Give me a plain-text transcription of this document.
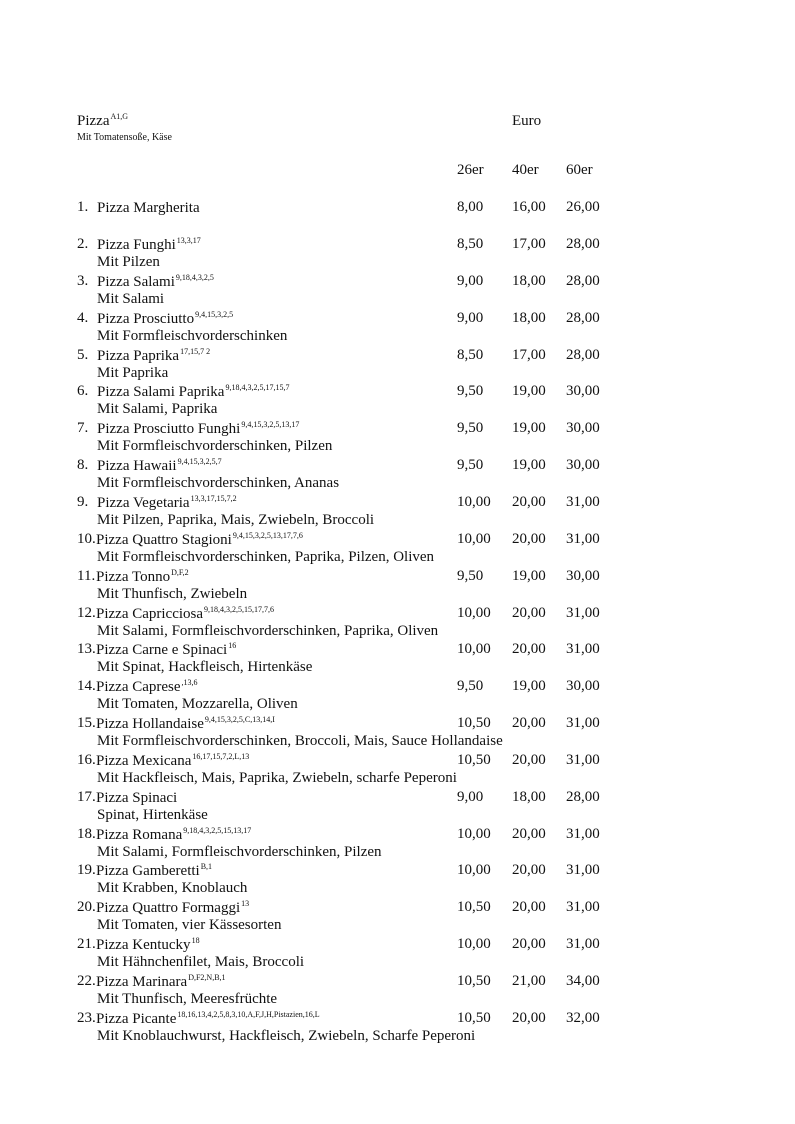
Pizza$^{A1,G}$
Mit Tomatensoße, Käse
Euro
26er 40er 60er
1. Pizza Margherita	8,00 16,00 26,00
2. Pizza Funghi$^{13,3,17}$
Mit Pilzen
8,50 17,00 28,00
3. Pizza Salami$^{9,18,4,3,2,5}$
Mit Salami
9,00 18,00 28,00
4. Pizza Prosciutto$^{9,4,15,3,2,5}$
Mit Formfleischvorderschinken
9,00 18,00 28,00
5. Pizza Paprika$^{17,15,7 2}$
Mit Paprika
8,50 17,00 28,00
6. Pizza Salami Paprika$^{9,18,4,3,2,5,17,15,7}$
Mit Salami, Paprika
9,50 19,00 30,00
7. Pizza Prosciutto Funghi$^{9,4,15,3,2,5,13,17}$
Mit Formfleischvorderschinken, Pilzen
9,50 19,00 30,00
8. Pizza Hawaii$^{9,4,15,3,2,5,7}$
Mit Formfleischvorderschinken, Ananas
9,50 19,00 30,00
9. Pizza Vegetaria$^{13,3,17,15,7,2}$
Mit Pilzen, Paprika, Mais, Zwiebeln, Broccoli
10,00 20,00 31,00
10. Pizza Quattro Stagioni$^{9,4,15,3,2,5,13,17,7,6}$
Mit Formfleischvorderschinken, Paprika, Pilzen, Oliven
10,00 20,00 31,00
11. Pizza Tonno$^{D,F,2}$
Mit Thunfisch, Zwiebeln
9,50 19,00 30,00
12. Pizza Capricciosa$^{9,18,4,3,2,5,15,17,7,6}$
Mit Salami, Formfleischvorderschinken, Paprika, Oliven
10,00 20,00 31,00
13. Pizza Carne e Spinaci$^{16}$
Mit Spinat, Hackfleisch, Hirtenkäse
10,00 20,00 31,00
14. Pizza Caprese$^{,13,6}$
Mit Tomaten, Mozzarella, Oliven
9,50 19,00 30,00
15. Pizza Hollandaise$^{9,4,15,3,2,5,C,13,14,I}$
Mit Formfleischvorderschinken, Broccoli, Mais, Sauce Hollandaise
10,50 20,00 31,00
16. Pizza Mexicana$^{16,17,15,7,2,L,13}$
Mit Hackfleisch, Mais, Paprika, Zwiebeln, scharfe Peperoni
10,50 20,00 31,00
17. Pizza Spinaci
Spinat, Hirtenkäse
9,00 18,00 28,00
18. Pizza Romana$^{9,18,4,3,2,5,15,13,17}$
Mit Salami, Formfleischvorderschinken, Pilzen
10,00 20,00 31,00
19. Pizza Gamberetti$^{B,1}$
Mit Krabben, Knoblauch
10,00 20,00 31,00
20. Pizza Quattro Formaggi$^{13}$
Mit Tomaten, vier Kässesorten
10,50 20,00 31,00
21. Pizza Kentucky$^{18}$
Mit Hähnchenfilet, Mais, Broccoli
10,00 20,00 31,00
22. Pizza Marinara$^{D,F2,N,B,1}$
Mit Thunfisch, Meeresfrüchte
10,50 21,00 34,00
23. Pizza Picante$^{18,16,13,4,2,5,8,3,10,A,F,J,H,Pistazien,16,L}$
Mit Knoblauchwurst, Hackfleisch, Zwiebeln, Scharfe Peperoni
10,50 20,00 32,00
